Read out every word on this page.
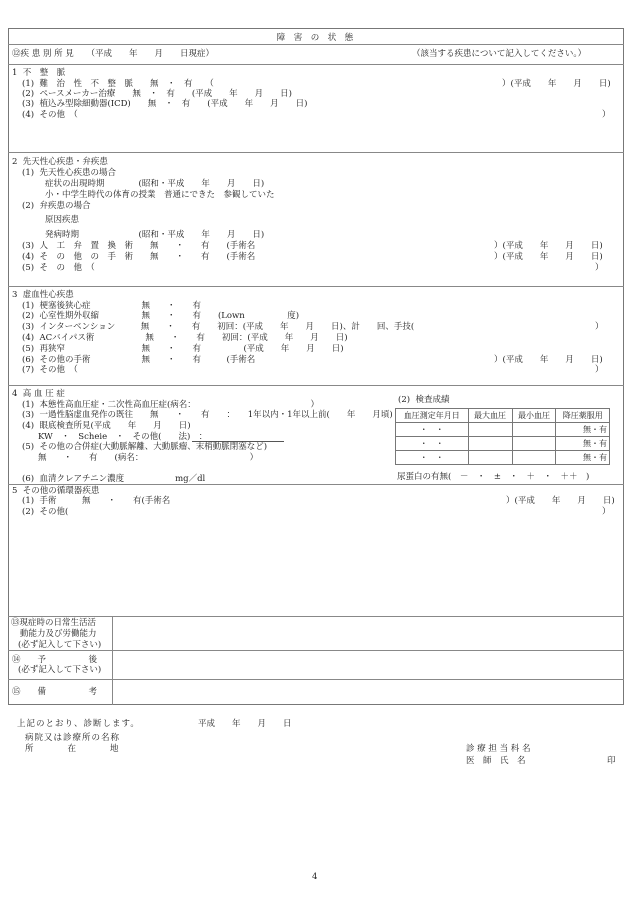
障　害　の　状　態
⑫疾 患 別 所 見　　（平成　　年　　月　　日現症）	（該当する疾患について記入してください。）
1  不　整　脈
(1)  難　治　性　不　整　脈　　無　・　有　　（	）(平成　　年　　月　　日)
(2)  ペースメーカー治療　　無　・　有　　(平成　　年　　月　　日)
(3)  植込み型除細動器(ICD)　　無　・　有　　(平成　　年　　月　　日)
(4)  その他　（	）
2  先天性心疾患・弁疾患
(1)  先天性心疾患の場合
症状の出現時期　　　　(昭和・平成　　年　　月　　日)
小・中学生時代の体育の授業　普通にできた　参観していた
(2)  弁疾患の場合
原因疾患
発病時期　　　　　　　(昭和・平成　　年　　月　　日)
(3)  人　工　弁　置　換　術　　無　　・　　有　　(手術名	）(平成　　年　　月　　日)
(4)  そ　の　他　の　手　術　　無　　・　　有　　(手術名	）(平成　　年　　月　　日)
(5)  そ　の　他　（	）
3  虚血性心疾患
(1)  梗塞後狭心症　　　　　　無　　・　　有
(2)  心室性期外収縮　　　　　無　　・　　有　　(Lown　　　　　度)
(3)  インターベンション　　　無　　・　　有　　初回：(平成　　年　　月　　日)、計　　回、手技(	）
(4)  ACバイパス術　　　　　　無　　・　　有　　初回：(平成　　年　　月　　日)
(5)  再狭窄　　　　　　　　　無　　・　　有　　　　　(平成　　年　　月　　日)
(6)  その他の手術　　　　　　無　　・　　有　　　(手術名	）(平成　　年　　月　　日)
(7)  その他　（	）
4  高 血 圧 症
(1)  本態性高血圧症・二次性高血圧症(病名：　　　　　　　　　　　　　　）
(3)  一過性脳虚血発作の既往　　無　　・　　有　　：　　1年以内・1年以上前(　　年　　月頃)
(4)  眼底検査所見(平成　　年　　月　　日)
KW　・　Scheie　・　その他(　　法)　：
(5)  その他の合併症(大動脈解離、大動脈瘤、末梢動脈閉塞など)
無　　・　　有　　(病名：　　　　　　　　　　　　　）
(6)  血清クレアチニン濃度　　　　　　mg／dl
(2)  検査成績
血圧測定年月日	最大血圧	最小血圧	降圧薬服用
・　・			無・有
・　・			無・有
・　・			無・有
尿蛋白の有無(　－　・　±　・　＋　・　＋＋　)
5  その他の循環器疾患
(1)  手術　　　無　　・　　有(手術名	）(平成　　年　　月　　日)
(2)  その他(	）
⑬現症時の日常生活活
動能力及び労働能力
(必ず記入して下さい)
⑭　　予　　　　　後
(必ず記入して下さい)
⑮　　備　　　　　考
上記のとおり、診断します。	平成　　年　　月　　日
病院又は診療所の名称
所　　　　在　　　　地	診 療 担 当 科 名
医　師　氏　名	印
4
